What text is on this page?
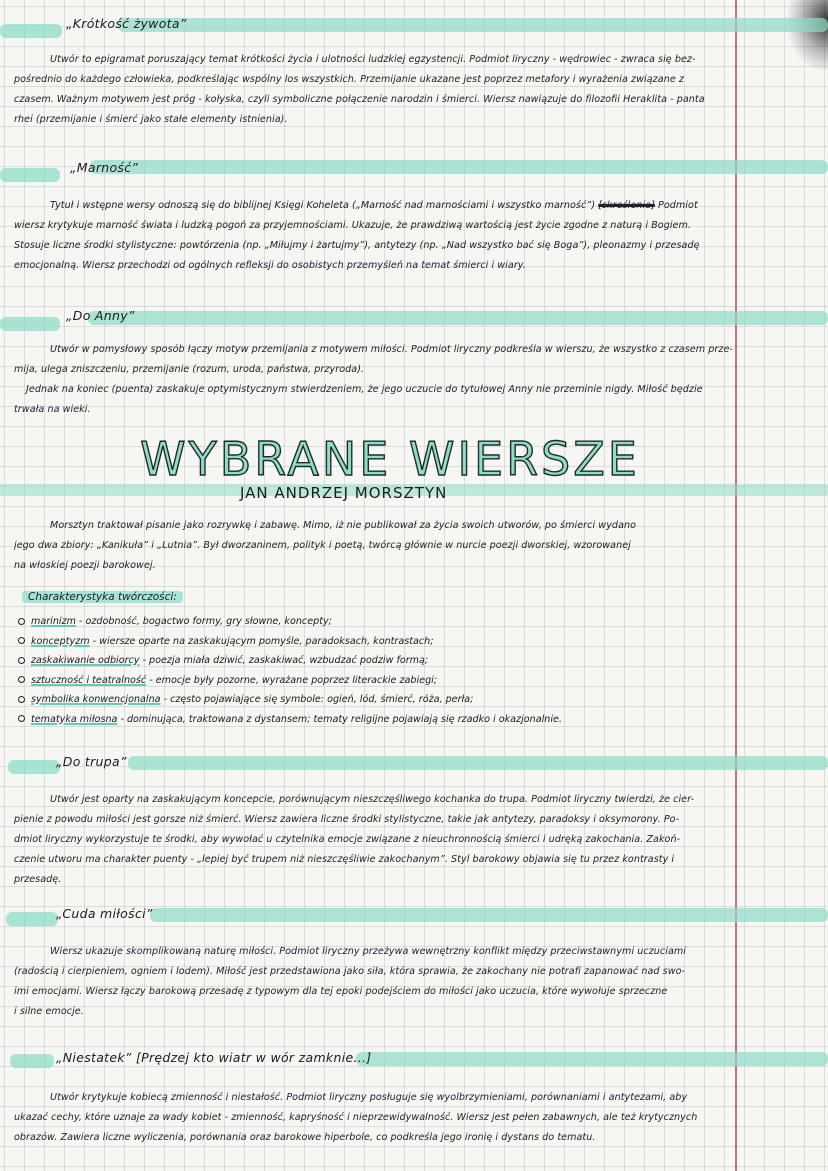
„Krótkość żywota”
Utwór to epigramat poruszający temat krótkości życia i ulotności ludzkiej egzystencji. Podmiot liryczny - wędrowiec - zwraca się bez-
pośrednio do każdego człowieka, podkreślając wspólny los wszystkich. Przemijanie ukazane jest poprzez metafory i wyrażenia związane z
czasem. Ważnym motywem jest próg - kołyska, czyli symboliczne połączenie narodzin i śmierci. Wiersz nawiązuje do filozofii Heraklita - panta
rhei (przemijanie i śmierć jako stałe elementy istnienia).
„Marność”
Tytuł i wstępne wersy odnoszą się do biblijnej Księgi Koheleta („Marność nad marnościami i wszystko marność”) [skreślenie] Podmiot
wiersz krytykuje marność świata i ludzką pogoń za przyjemnościami. Ukazuje, że prawdziwą wartością jest życie zgodne z naturą i Bogiem.
Stosuje liczne środki stylistyczne: powtórzenia (np. „Miłujmy i żartujmy”), antytezy (np. „Nad wszystko bać się Boga”), pleonazmy i przesadę
emocjonalną. Wiersz przechodzi od ogólnych refleksji do osobistych przemyśleń na temat śmierci i wiary.
„Do Anny”
Utwór w pomysłowy sposób łączy motyw przemijania z motywem miłości. Podmiot liryczny podkreśla w wierszu, że wszystko z czasem prze-
mija, ulega zniszczeniu, przemijanie (rozum, uroda, państwa, przyroda).
Jednak na koniec (puenta) zaskakuje optymistycznym stwierdzeniem, że jego uczucie do tytułowej Anny nie przeminie nigdy. Miłość będzie
trwała na wieki.
WYBRANE WIERSZE
JAN ANDRZEJ MORSZTYN
Morsztyn traktował pisanie jako rozrywkę i zabawę. Mimo, iż nie publikował za życia swoich utworów, po śmierci wydano
jego dwa zbiory: „Kanikuła” i „Lutnia”. Był dworzaninem, polityk i poetą, twórcą głównie w nurcie poezji dworskiej, wzorowanej
na włoskiej poezji barokowej.
Charakterystyka twórczości:
marinizm - ozdobność, bogactwo formy, gry słowne, koncepty;
konceptyzm - wiersze oparte na zaskakującym pomyśle, paradoksach, kontrastach;
zaskakiwanie odbiorcy - poezja miała dziwić, zaskakiwać, wzbudzać podziw formą;
sztuczność i teatralność - emocje były pozorne, wyrażane poprzez literackie zabiegi;
symbolika konwencjonalna - często pojawiające się symbole: ogień, lód, śmierć, róża, perła;
tematyka miłosna - dominująca, traktowana z dystansem; tematy religijne pojawiają się rzadko i okazjonalnie.
„Do trupa”
Utwór jest oparty na zaskakującym koncepcie, porównującym nieszczęśliwego kochanka do trupa. Podmiot liryczny twierdzi, że cier-
pienie z powodu miłości jest gorsze niż śmierć. Wiersz zawiera liczne środki stylistyczne, takie jak antytezy, paradoksy i oksymorony. Po-
dmiot liryczny wykorzystuje te środki, aby wywołać u czytelnika emocje związane z nieuchronnością śmierci i udręką zakochania. Zakoń-
czenie utworu ma charakter puenty - „lepiej być trupem niż nieszczęśliwie zakochanym”. Styl barokowy objawia się tu przez kontrasty i
przesadę.
„Cuda miłości”
Wiersz ukazuje skomplikowaną naturę miłości. Podmiot liryczny przeżywa wewnętrzny konflikt między przeciwstawnymi uczuciami
(radością i cierpieniem, ogniem i lodem). Miłość jest przedstawiona jako siła, która sprawia, że zakochany nie potrafi zapanować nad swo-
imi emocjami. Wiersz łączy barokową przesadę z typowym dla tej epoki podejściem do miłości jako uczucia, które wywołuje sprzeczne
i silne emocje.
„Niestatek” [Prędzej kto wiatr w wór zamknie...]
Utwór krytykuje kobiecą zmienność i niestałość. Podmiot liryczny posługuje się wyolbrzymieniami, porównaniami i antytezami, aby
ukazać cechy, które uznaje za wady kobiet - zmienność, kapryśność i nieprzewidywalność. Wiersz jest pełen zabawnych, ale też krytycznych
obrazów. Zawiera liczne wyliczenia, porównania oraz barokowe hiperbole, co podkreśla jego ironię i dystans do tematu.
